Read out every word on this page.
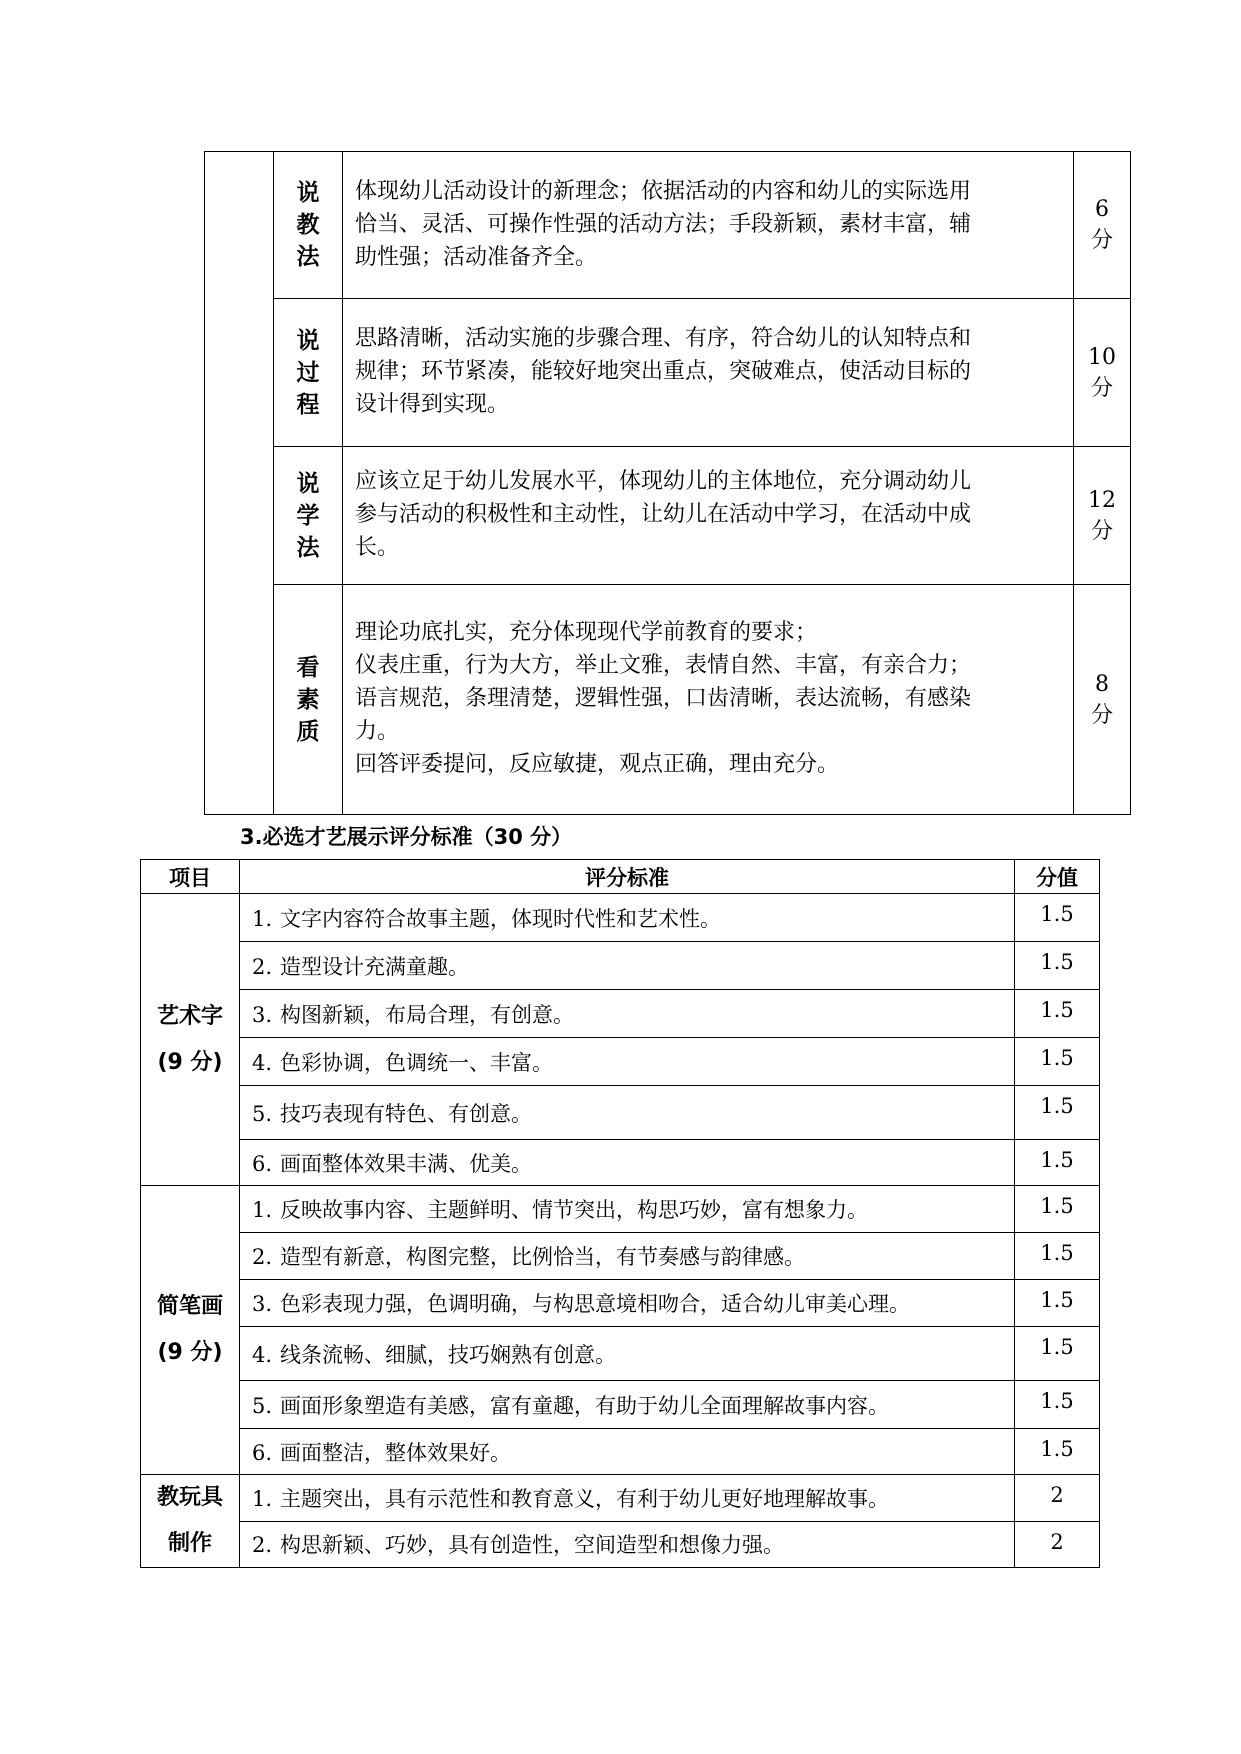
	说
教
法	体现幼儿活动设计的新理念；依据活动的内容和幼儿的实际选用
恰当、灵活、可操作性强的活动方法；手段新颖，素材丰富，辅
助性强；活动准备齐全。	6
分

	说
过
程	思路清晰，活动实施的步骤合理、有序，符合幼儿的认知特点和
规律；环节紧凑，能较好地突出重点，突破难点，使活动目标的
设计得到实现。	10
分

	说
学
法	应该立足于幼儿发展水平，体现幼儿的主体地位，充分调动幼儿
参与活动的积极性和主动性，让幼儿在活动中学习，在活动中成
长。	12
分

	看
素
质	理论功底扎实，充分体现现代学前教育的要求；
仪表庄重，行为大方，举止文雅，表情自然、丰富，有亲合力；
语言规范，条理清楚，逻辑性强，口齿清晰，表达流畅，有感染
力。
回答评委提问，反应敏捷，观点正确，理由充分。	8
分
3.必选才艺展示评分标准（30 分）
项目	评分标准	分值

艺术字
(9 分)	1. 文字内容符合故事主题，体现时代性和艺术性。	1.5
	2. 造型设计充满童趣。	1.5
	3. 构图新颖，布局合理，有创意。	1.5
	4. 色彩协调，色调统一、丰富。	1.5
	5. 技巧表现有特色、有创意。	1.5
	6. 画面整体效果丰满、优美。	1.5

简笔画
(9 分)	1. 反映故事内容、主题鲜明、情节突出，构思巧妙，富有想象力。	1.5
	2. 造型有新意，构图完整，比例恰当，有节奏感与韵律感。	1.5
	3. 色彩表现力强，色调明确，与构思意境相吻合，适合幼儿审美心理。	1.5
	4. 线条流畅、细腻，技巧娴熟有创意。	1.5
	5. 画面形象塑造有美感，富有童趣，有助于幼儿全面理解故事内容。	1.5
	6. 画面整洁，整体效果好。	1.5

教玩具
制作	1. 主题突出，具有示范性和教育意义，有利于幼儿更好地理解故事。	2
	2. 构思新颖、巧妙，具有创造性，空间造型和想像力强。	2
